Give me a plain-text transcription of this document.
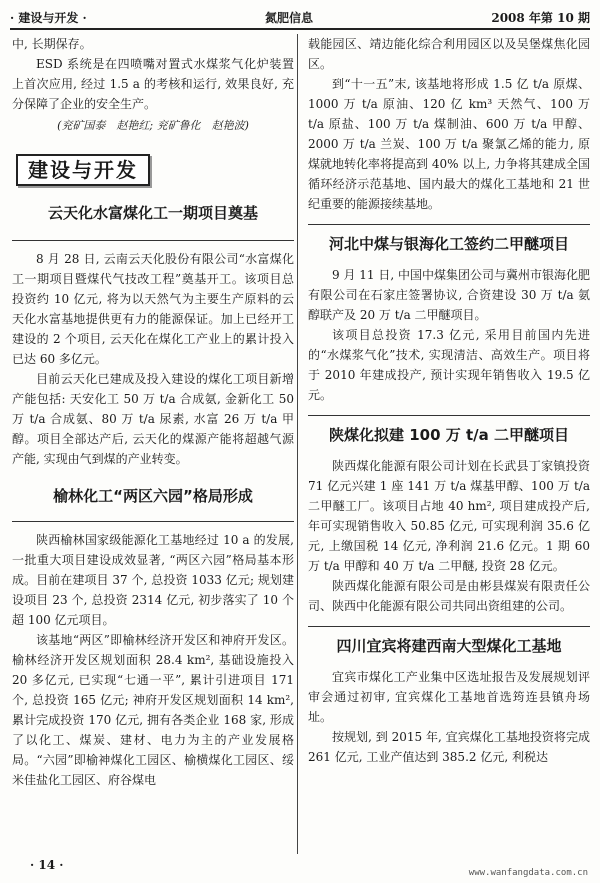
· 建设与开发 ·	氮肥信息	2008 年第 10 期

中, 长期保存。

ESD 系统是在四喷嘴对置式水煤浆气化炉装置上首次应用, 经过 1.5 a 的考核和运行, 效果良好, 充分保障了企业的安全生产。

(兖矿国泰　赵艳红; 兖矿鲁化　赵艳波)

建设与开发
云天化水富煤化工一期项目奠基

8 月 28 日, 云南云天化股份有限公司“水富煤化工一期项目暨煤代气技改工程”奠基开工。该项目总投资约 10 亿元, 将为以天然气为主要生产原料的云天化水富基地提供更有力的能源保证。加上已经开工建设的 2 个项目, 云天化在煤化工产业上的累计投入已达 60 多亿元。

目前云天化已建成及投入建设的煤化工项目新增产能包括: 天安化工 50 万 t/a 合成氨, 金新化工 50 万 t/a 合成氨、80 万 t/a 尿素, 水富 26 万 t/a 甲醇。项目全部达产后, 云天化的煤源产能将超越气源产能, 实现由气到煤的产业转变。

榆林化工“两区六园”格局形成

陕西榆林国家级能源化工基地经过 10 a 的发展, 一批重大项目建设成效显著, “两区六园”格局基本形成。目前在建项目 37 个, 总投资 1033 亿元; 规划建设项目 23 个, 总投资 2314 亿元, 初步落实了 10 个超 100 亿元项目。

该基地“两区”即榆林经济开发区和神府开发区。榆林经济开发区规划面积 28.4 km², 基础设施投入 20 多亿元, 已实现“七通一平”, 累计引进项目 171 个, 总投资 165 亿元; 神府开发区规划面积 14 km², 累计完成投资 170 亿元, 拥有各类企业 168 家, 形成了以化工、煤炭、建材、电力为主的产业发展格局。“六园”即榆神煤化工园区、榆横煤化工园区、绥米佳盐化工园区、府谷煤电

载能园区、靖边能化综合利用园区以及吴堡煤焦化园区。

到“十一五”末, 该基地将形成 1.5 亿 t/a 原煤、1000 万 t/a 原油、120 亿 km³ 天然气、100 万 t/a 原盐、100 万 t/a 煤制油、600 万 t/a 甲醇、2000 万 t/a 兰炭、100 万 t/a 聚氯乙烯的能力, 原煤就地转化率将提高到 40% 以上, 力争将其建成全国循环经济示范基地、国内最大的煤化工基地和 21 世纪重要的能源接续基地。

河北中煤与银海化工签约二甲醚项目

9 月 11 日, 中国中煤集团公司与冀州市银海化肥有限公司在石家庄签署协议, 合资建设 30 万 t/a 氨醇联产及 20 万 t/a 二甲醚项目。

该项目总投资 17.3 亿元, 采用目前国内先进的“水煤浆气化”技术, 实现清洁、高效生产。项目将于 2010 年建成投产, 预计实现年销售收入 19.5 亿元。

陕煤化拟建 100 万 t/a 二甲醚项目

陕西煤化能源有限公司计划在长武县丁家镇投资 71 亿元兴建 1 座 141 万 t/a 煤基甲醇、100 万 t/a 二甲醚工厂。该项目占地 40 hm², 项目建成投产后, 年可实现销售收入 50.85 亿元, 可实现利润 35.6 亿元, 上缴国税 14 亿元, 净利润 21.6 亿元。1 期 60 万 t/a 甲醇和 40 万 t/a 二甲醚, 投资 28 亿元。

陕西煤化能源有限公司是由彬县煤炭有限责任公司、陕西中化能源有限公司共同出资组建的公司。

四川宜宾将建西南大型煤化工基地

宜宾市煤化工产业集中区选址报告及发展规划评审会通过初审, 宜宾煤化工基地首选筠连县镇舟场址。

按规划, 到 2015 年, 宜宾煤化工基地投资将完成 261 亿元, 工业产值达到 385.2 亿元, 利税达

· 14 ·
www.wanfangdata.com.cn
